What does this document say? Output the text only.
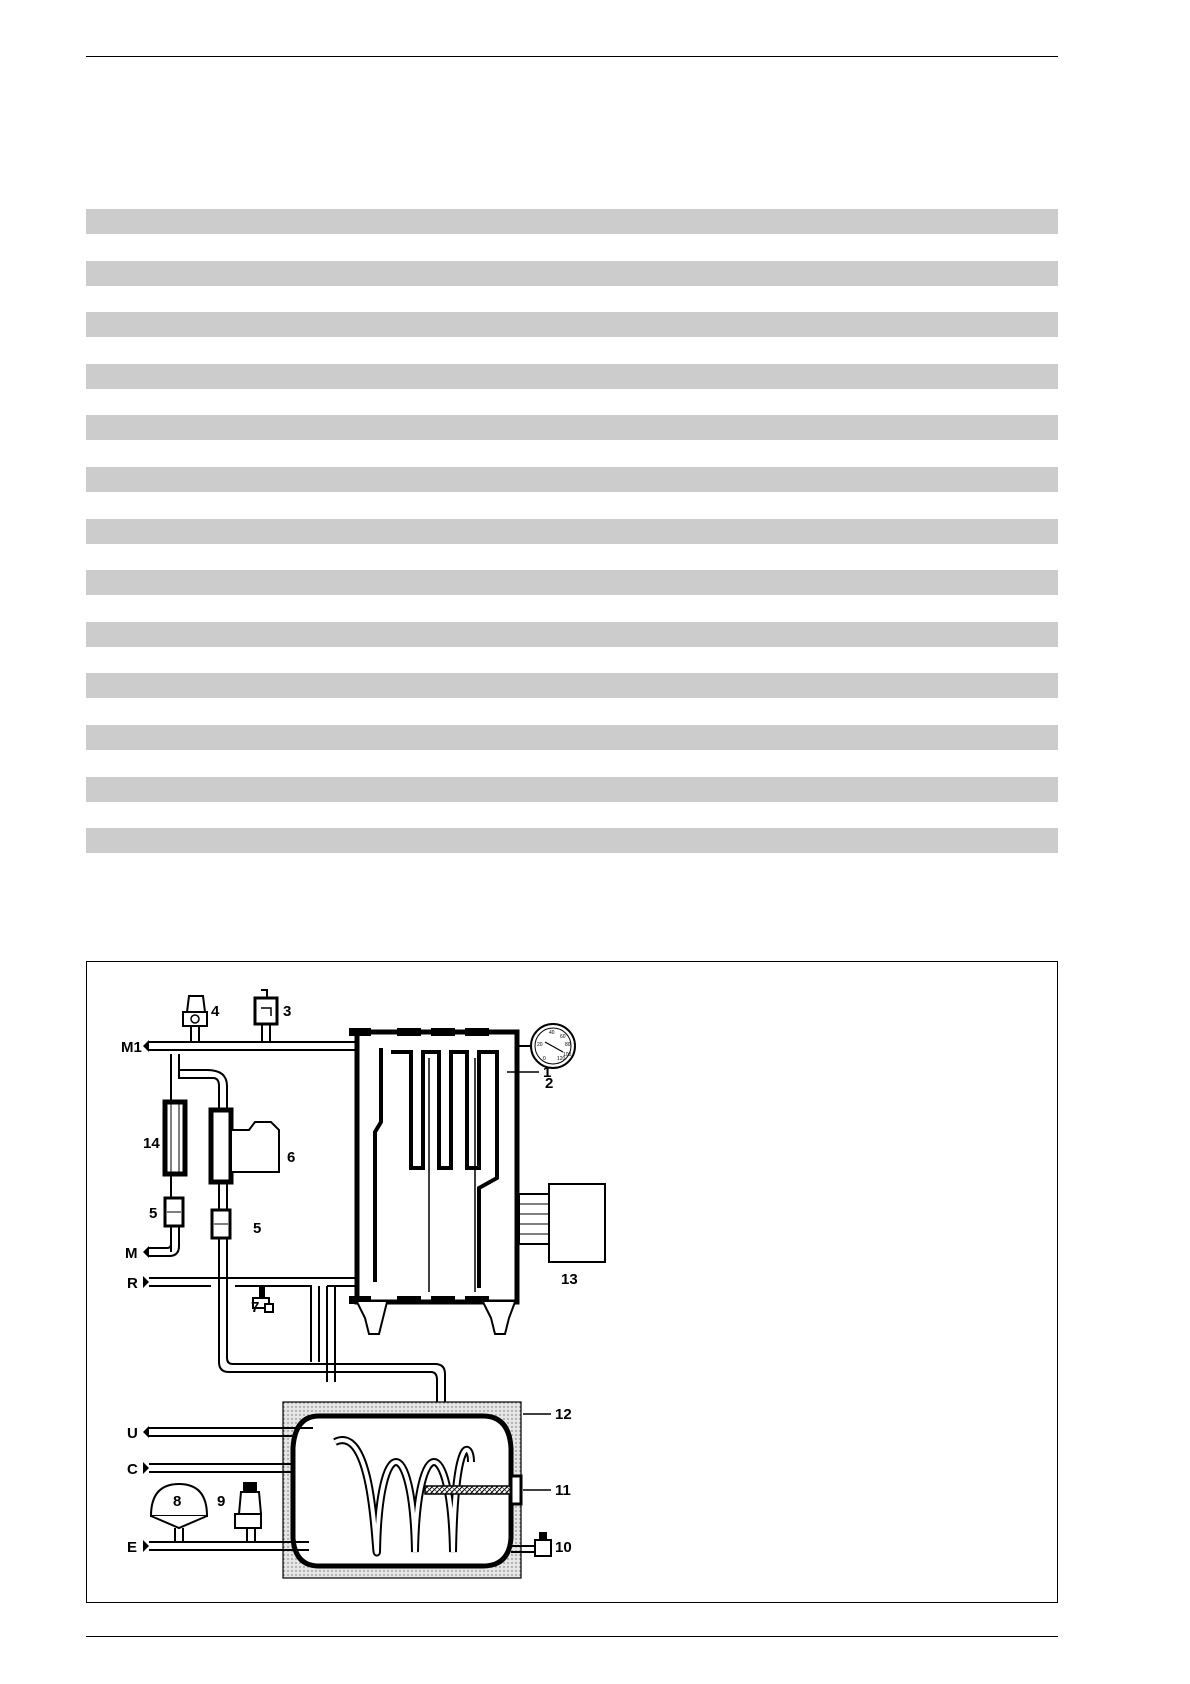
40
60
80
20
100
0 120
M1
M
R
U
C
E
1
2
3
4
5
5
6
7
8 9
10
11
12
13
14
